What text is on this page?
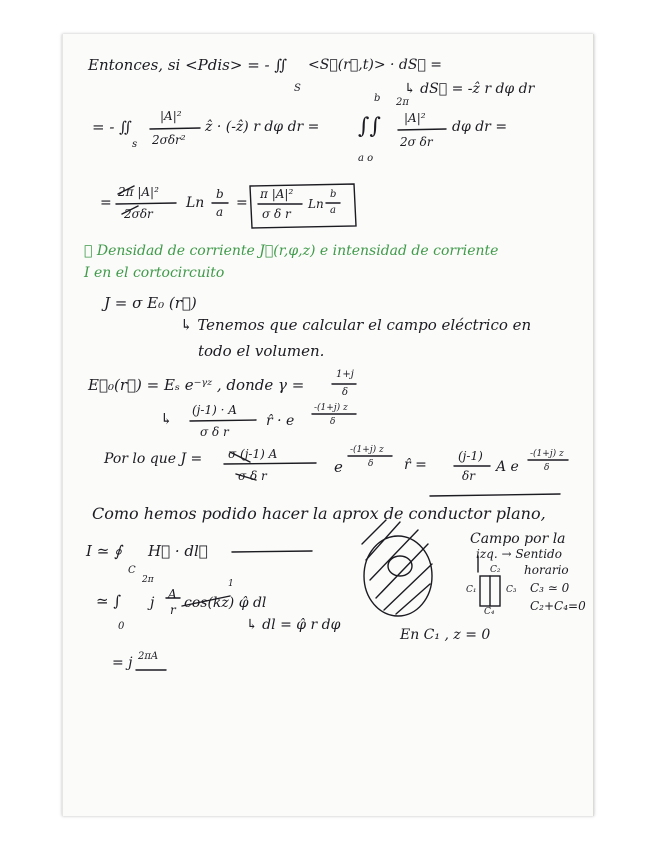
Entonces, si <Pdis> = - ∬
S
<S⃗(r⃗,t)> · dS⃗ =
↳ dS⃗ = -ẑ r dφ dr
= - ∬
s
|A|²
2σδr²
ẑ · (-ẑ) r dφ dr = ∫∫
b 2π
a o
|A|²
2σ δr
dφ dr =
=
2π |A|²
2σδr
Ln
b
a
=
π |A|²
σ δ r
Ln
b
a
⓪ Densidad de corriente J⃗(r,φ,z) e intensidad de corriente
I en el cortocircuito
J = σ E₀ (r⃗)
↳ Tenemos que calcular el campo eléctrico en
todo el volumen.
E⃗₀(r⃗) = Eₛ e⁻ᵞᶻ , donde γ =
1+j
δ
↳ (j-1) · A
σ δ r
r̂ · e
-(1+j) z
δ
Por lo que J = σ (j-1) A
σ δ r	e
-(1+j) z
δ r̂ =
(j-1)
δr
A e
-(1+j) z
δ
Como hemos podido hacer la aprox de conductor plano,
I ≃ ∮
C
H⃗ · dl⃗
≃ ∫
2π
0
j
A
r cos(kz) φ̂ dl
1
↳ dl = φ̂ r dφ
= j 2πA
Campo por la
izq. → Sentido
horario
C₃ ≃ 0
C₂+C₄=0
C₁
C₂
C₃
C₄
En C₁ , z = 0
